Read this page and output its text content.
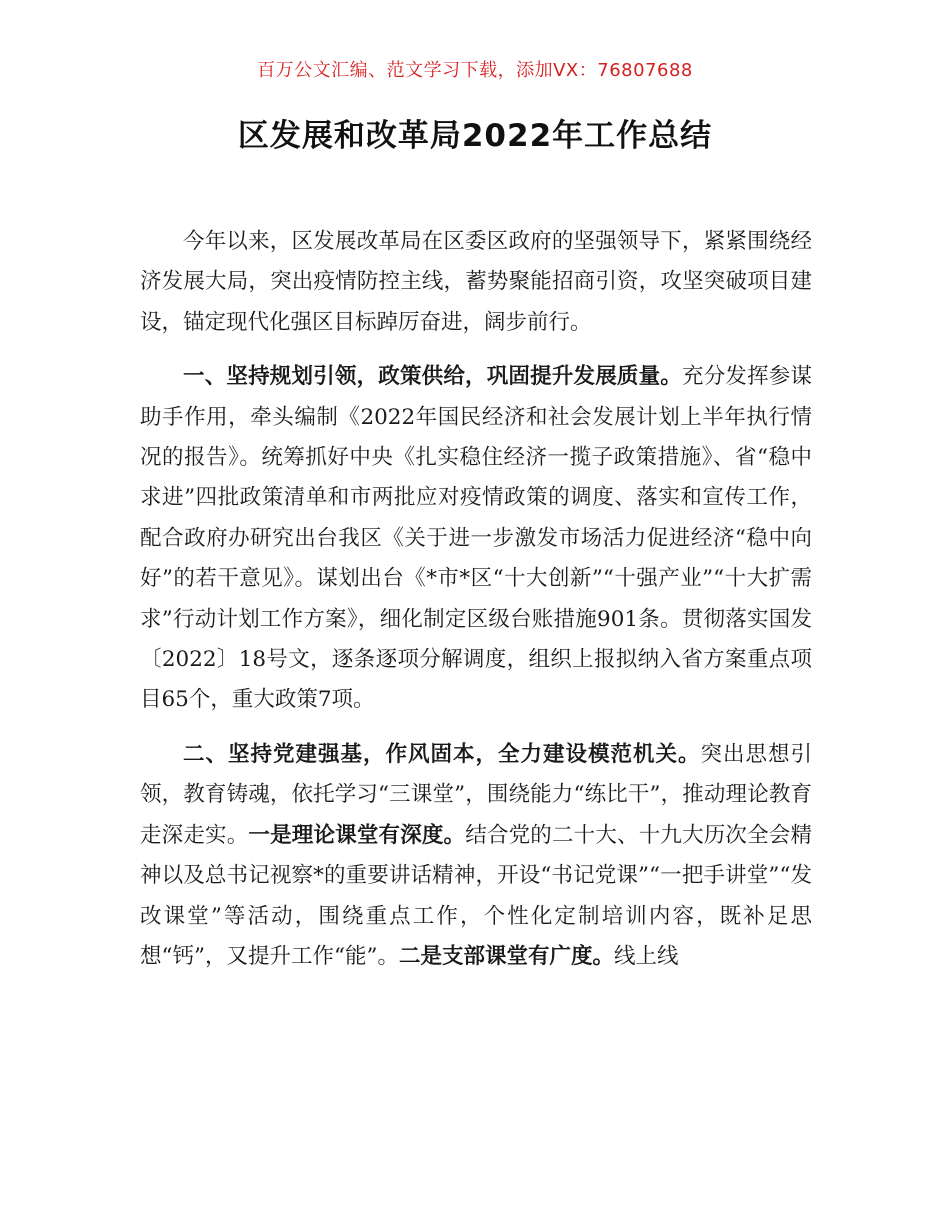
百万公文汇编、范文学习下载，添加VX：76807688
区发展和改革局2022年工作总结

今年以来，区发展改革局在区委区政府的坚强领导下，紧紧围绕经济发展大局，突出疫情防控主线，蓄势聚能招商引资，攻坚突破项目建设，锚定现代化强区目标踔厉奋进，阔步前行。

一、坚持规划引领，政策供给，巩固提升发展质量。充分发挥参谋助手作用，牵头编制《2022年国民经济和社会发展计划上半年执行情况的报告》。统筹抓好中央《扎实稳住经济一揽子政策措施》、省“稳中求进”四批政策清单和市两批应对疫情政策的调度、落实和宣传工作，配合政府办研究出台我区《关于进一步激发市场活力促进经济“稳中向好”的若干意见》。谋划出台《*市*区“十大创新”“十强产业”“十大扩需求”行动计划工作方案》，细化制定区级台账措施901条。贯彻落实国发〔2022〕18号文，逐条逐项分解调度，组织上报拟纳入省方案重点项目65个，重大政策7项。

二、坚持党建强基，作风固本，全力建设模范机关。突出思想引领，教育铸魂，依托学习“三课堂”，围绕能力“练比干”，推动理论教育走深走实。一是理论课堂有深度。结合党的二十大、十九大历次全会精神以及总书记视察*的重要讲话精神，开设“书记党课”“一把手讲堂”“发改课堂”等活动，围绕重点工作，个性化定制培训内容，既补足思想“钙”，又提升工作“能”。二是支部课堂有广度。线上线
